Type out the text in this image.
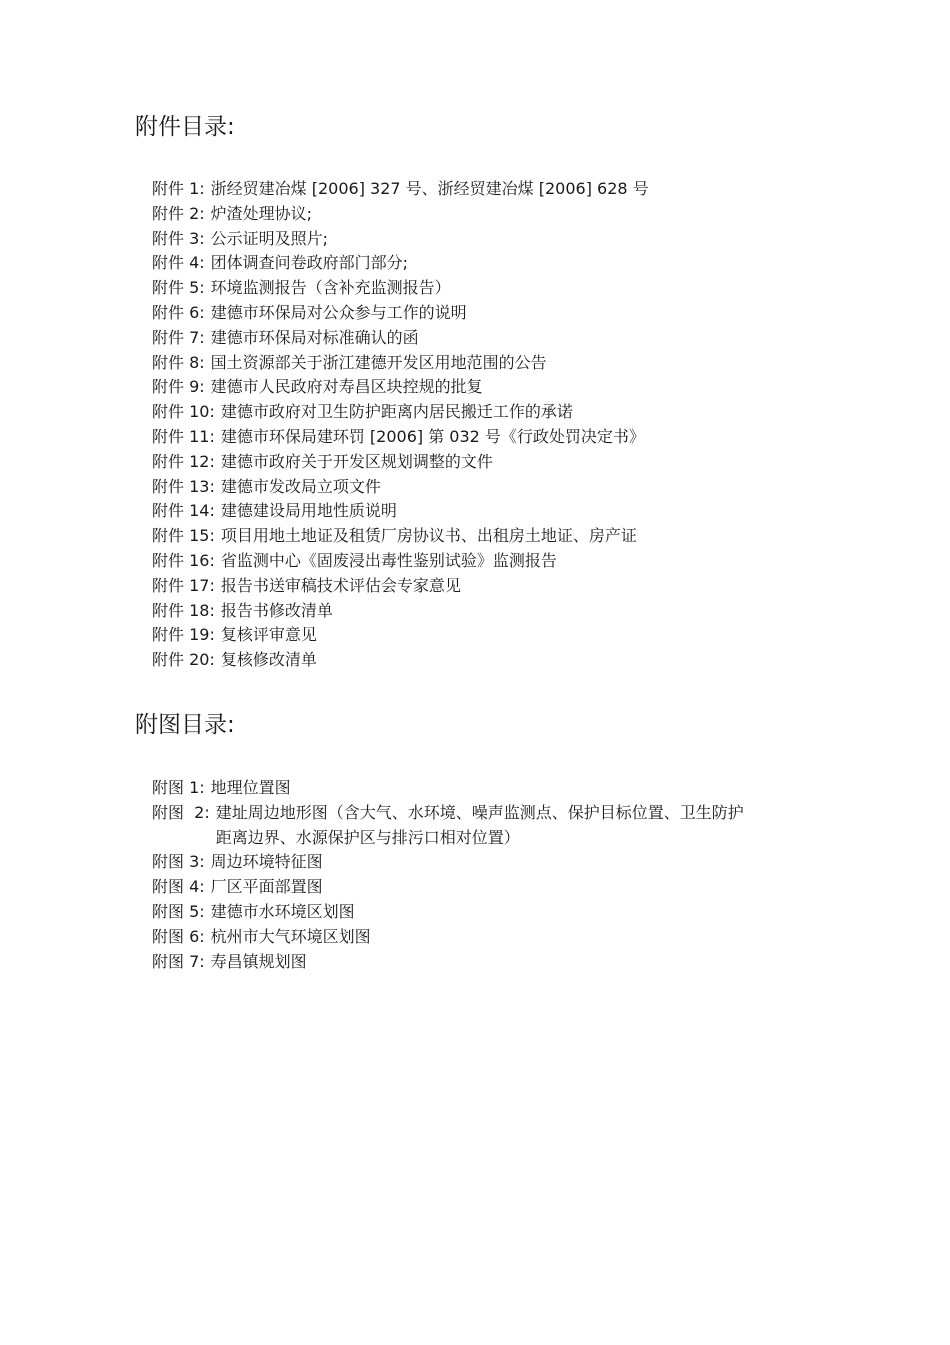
附件目录:
附件 1: 浙经贸建冶煤 [2006] 327 号、浙经贸建冶煤 [2006] 628 号
附件 2: 炉渣处理协议;
附件 3: 公示证明及照片;
附件 4: 团体调查问卷政府部门部分;
附件 5: 环境监测报告（含补充监测报告）
附件 6: 建德市环保局对公众参与工作的说明
附件 7: 建德市环保局对标准确认的函
附件 8: 国土资源部关于浙江建德开发区用地范围的公告
附件 9: 建德市人民政府对寿昌区块控规的批复
附件 10: 建德市政府对卫生防护距离内居民搬迁工作的承诺
附件 11: 建德市环保局建环罚 [2006] 第 032 号《行政处罚决定书》
附件 12: 建德市政府关于开发区规划调整的文件
附件 13: 建德市发改局立项文件
附件 14: 建德建设局用地性质说明
附件 15: 项目用地土地证及租赁厂房协议书、出租房土地证、房产证
附件 16: 省监测中心《固废浸出毒性鉴别试验》监测报告
附件 17: 报告书送审稿技术评估会专家意见
附件 18: 报告书修改清单
附件 19: 复核评审意见
附件 20: 复核修改清单
附图目录:
附图 1: 地理位置图
附图  2: 建址周边地形图（含大气、水环境、噪声监测点、保护目标位置、卫生防护距离边界、水源保护区与排污口相对位置）
附图 3: 周边环境特征图
附图 4: 厂区平面部置图
附图 5: 建德市水环境区划图
附图 6: 杭州市大气环境区划图
附图 7: 寿昌镇规划图
